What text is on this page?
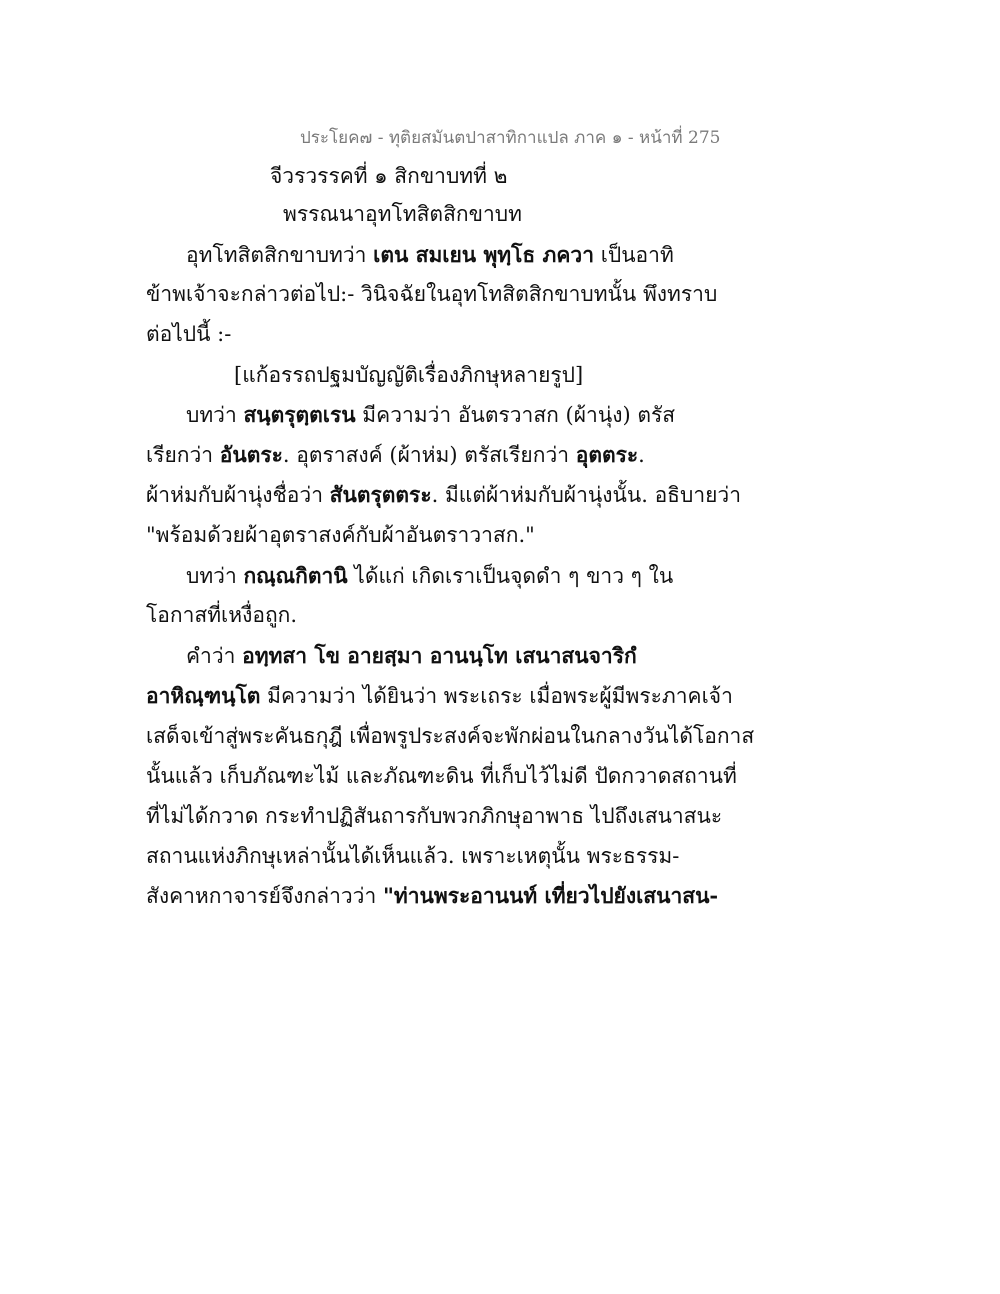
ประโยค๗ - ทุติยสมันตปาสาทิกาแปล ภาค ๑ - หน้าที่ 275
จีวรวรรคที่ ๑ สิกขาบทที่ ๒
พรรณนาอุทโทสิตสิกขาบท
อุทโทสิตสิกขาบทว่า เตน สมเยน พุทฺโธ ภควา เป็นอาทิ
ข้าพเจ้าจะกล่าวต่อไป:- วินิจฉัยในอุทโทสิตสิกขาบทนั้น พึงทราบ
ต่อไปนี้ :-
[แก้อรรถปฐมบัญญัติเรื่องภิกษุหลายรูป]
บทว่า สนฺตรุตฺตเรน มีความว่า อันตรวาสก (ผ้านุ่ง) ตรัส
เรียกว่า อันตระ. อุตราสงค์ (ผ้าห่ม) ตรัสเรียกว่า อุตตระ.
ผ้าห่มกับผ้านุ่งชื่อว่า สันตรุตตระ. มีแต่ผ้าห่มกับผ้านุ่งนั้น. อธิบายว่า
"พร้อมด้วยผ้าอุตราสงค์กับผ้าอันตราวาสก."
บทว่า กณฺณกิตานิ ได้แก่ เกิดเราเป็นจุดดำ ๆ ขาว ๆ ใน
โอกาสที่เหงื่อถูก.
คำว่า อทฺทสา โข อายสฺมา อานนฺโท เสนาสนจาริกํ
อาหิณฺฑนฺโต มีความว่า ได้ยินว่า พระเถระ เมื่อพระผู้มีพระภาคเจ้า
เสด็จเข้าสู่พระคันธกุฎี เพื่อพรูประสงค์จะพักผ่อนในกลางวันได้โอกาส
นั้นแล้ว เก็บภัณฑะไม้ และภัณฑะดิน ที่เก็บไว้ไม่ดี ปัดกวาดสถานที่
ที่ไม่ได้กวาด กระทำปฏิสันถารกับพวกภิกษุอาพาธ ไปถึงเสนาสนะ
สถานแห่งภิกษุเหล่านั้นได้เห็นแล้ว. เพราะเหตุนั้น พระธรรม-
สังคาหกาจารย์จึงกล่าวว่า "ท่านพระอานนท์ เที่ยวไปยังเสนาสน-
